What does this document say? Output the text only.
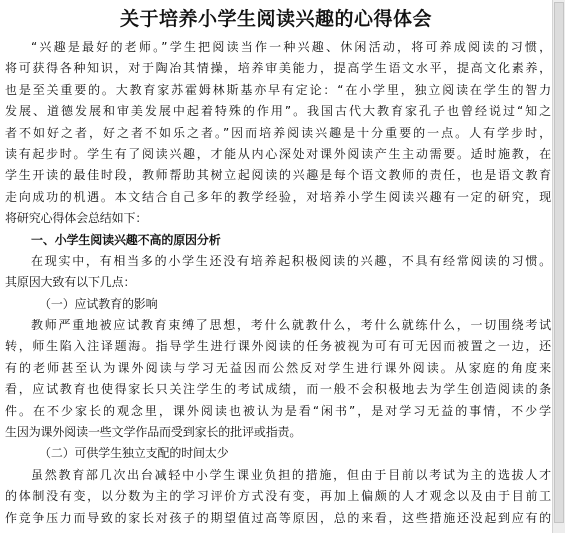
关于培养小学生阅读兴趣的心得体会
“兴趣是最好的老师。”学生把阅读当作一种兴趣、休闲活动，将可养成阅读的习惯，
将可获得各种知识，对于陶冶其情操，培养审美能力，提高学生语文水平，提高文化素养，
也是至关重要的。大教育家苏霍姆林斯基亦早有定论：“在小学里，独立阅读在学生的智力
发展、道德发展和审美发展中起着特殊的作用”。我国古代大教育家孔子也曾经说过“知之
者不如好之者，好之者不如乐之者。”因而培养阅读兴趣是十分重要的一点。人有学步时，
读有起步时。学生有了阅读兴趣，才能从内心深处对课外阅读产生主动需要。适时施教，在
学生开读的最佳时段，教师帮助其树立起阅读的兴趣是每个语文教师的责任，也是语文教育
走向成功的机遇。本文结合自己多年的教学经验，对培养小学生阅读兴趣有一定的研究，现
将研究心得体会总结如下：
一、小学生阅读兴趣不高的原因分析
在现实中，有相当多的小学生还没有培养起积极阅读的兴趣，不具有经常阅读的习惯。
其原因大致有以下几点：
（一）应试教育的影响
教师严重地被应试教育束缚了思想，考什么就教什么，考什么就练什么，一切围绕考试
转，师生陷入注译题海。指导学生进行课外阅读的任务被视为可有可无因而被置之一边，还
有的老师甚至认为课外阅读与学习无益因而公然反对学生进行课外阅读。从家庭的角度来
看，应试教育也使得家长只关注学生的考试成绩，而一般不会积极地去为学生创造阅读的条
件。在不少家长的观念里，课外阅读也被认为是看“闲书”，是对学习无益的事情，不少学
生因为课外阅读一些文学作品而受到家长的批评或指责。
（二）可供学生独立支配的时间太少
虽然教育部几次出台减轻中小学生课业负担的措施，但由于目前以考试为主的选拔人才
的体制没有变，以分数为主的学习评价方式没有变，再加上偏颇的人才观念以及由于目前工
作竞争压力而导致的家长对孩子的期望值过高等原因，总的来看，这些措施还没起到应有的
